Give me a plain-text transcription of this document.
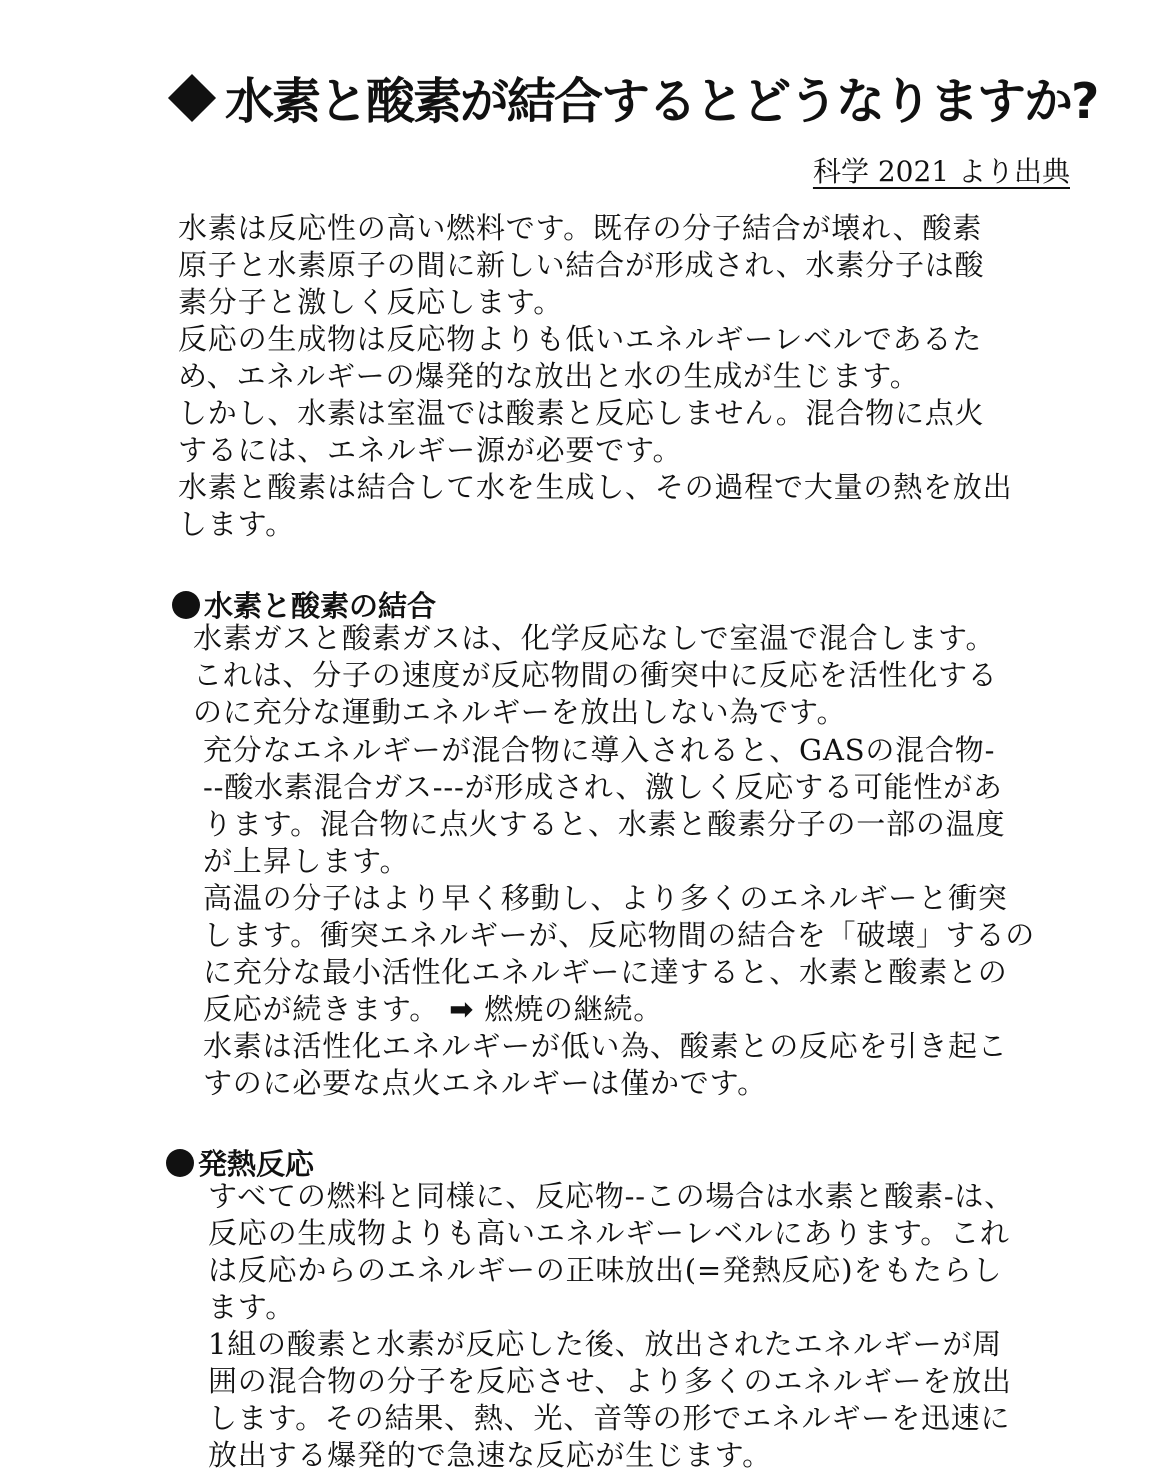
水素と酸素が結合するとどうなりますか?
科学 2021 より出典

水素は反応性の高い燃料です。既存の分子結合が壊れ、酸素
原子と水素原子の間に新しい結合が形成され、水素分子は酸
素分子と激しく反応します。
反応の生成物は反応物よりも低いエネルギーレベルであるた
め、エネルギーの爆発的な放出と水の生成が生じます。
しかし、水素は室温では酸素と反応しません。混合物に点火
するには、エネルギー源が必要です。
水素と酸素は結合して水を生成し、その過程で大量の熱を放出
します。

水素と酸素の結合

水素ガスと酸素ガスは、化学反応なしで室温で混合します。
これは、分子の速度が反応物間の衝突中に反応を活性化する
のに充分な運動エネルギーを放出しない為です。

充分なエネルギーが混合物に導入されると、GASの混合物-
--酸水素混合ガス---が形成され、激しく反応する可能性があ
ります。混合物に点火すると、水素と酸素分子の一部の温度
が上昇します。
高温の分子はより早く移動し、より多くのエネルギーと衝突
します。衝突エネルギーが、反応物間の結合を「破壊」するの
に充分な最小活性化エネルギーに達すると、水素と酸素との
反応が続きます。 ➡ 燃焼の継続。

水素は活性化エネルギーが低い為、酸素との反応を引き起こ
すのに必要な点火エネルギーは僅かです。

発熱反応

すべての燃料と同様に、反応物--この場合は水素と酸素-は、
反応の生成物よりも高いエネルギーレベルにあります。これ
は反応からのエネルギーの正味放出(=発熱反応)をもたらし
ます。
1組の酸素と水素が反応した後、放出されたエネルギーが周
囲の混合物の分子を反応させ、より多くのエネルギーを放出
します。その結果、熱、光、音等の形でエネルギーを迅速に
放出する爆発的で急速な反応が生じます。
